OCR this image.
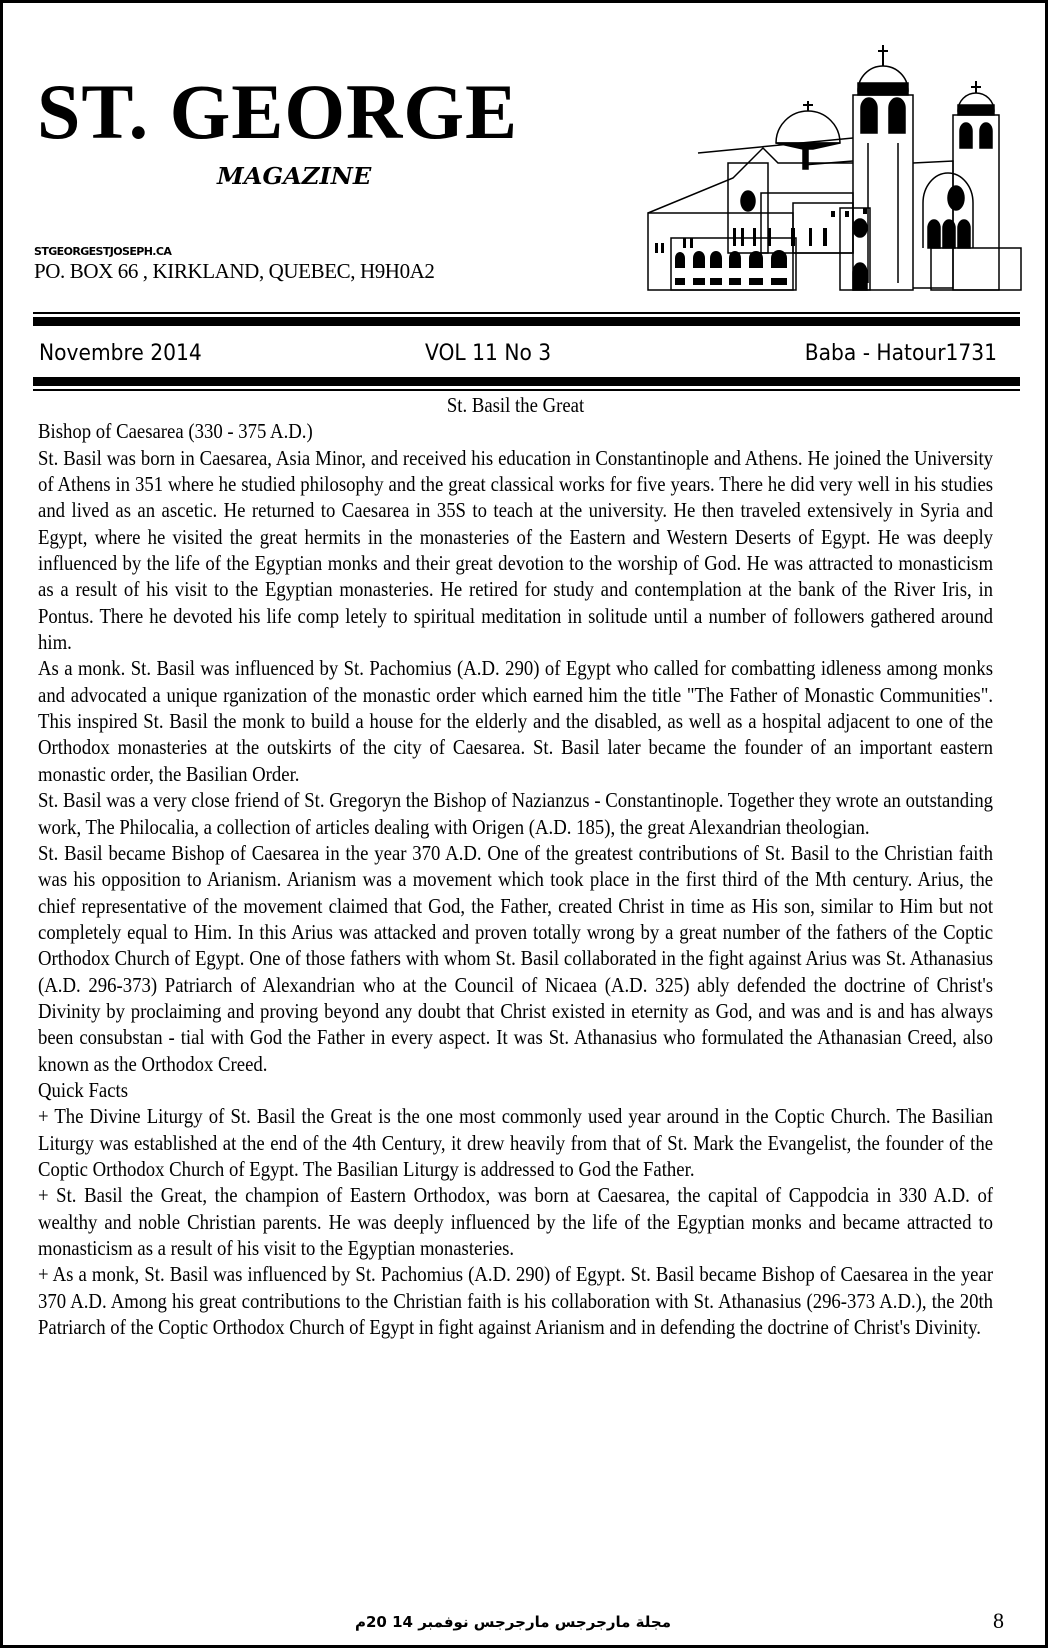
ST. GEORGE
MAGAZINE
STGEORGESTJOSEPH.CA
PO. BOX 66 , KIRKLAND, QUEBEC, H9H0A2
Novembre 2014	VOL 11 No 3	Baba - Hatour1731
St. Basil the Great

Bishop of Caesarea (330 - 375 A.D.)

St. Basil was born in Caesarea, Asia Minor, and received his education in Constantinople and Athens. He joined the University of Athens in 351 where he studied philosophy and the great classical works for five years. There he did very well in his studies and lived as an ascetic. He returned to Caesarea in 35S to teach at the university. He then traveled extensively in Syria and Egypt, where he visited the great hermits in the monasteries of the Eastern and Western Deserts of Egypt. He was deeply influenced by the life of the Egyptian monks and their great devotion to the worship of God. He was attracted to monasticism as a result of his visit to the Egyptian monasteries. He retired for study and contemplation at the bank of the River Iris, in Pontus. There he devoted his life comp letely to spiritual meditation in solitude until a number of followers gathered around him.

As a monk. St. Basil was influenced by St. Pachomius (A.D. 290) of Egypt who called for combatting idleness among monks and advocated a unique rganization of the monastic order which earned him the title "The Father of Monastic Communities". This inspired St. Basil the monk to build a house for the elderly and the disabled, as well as a hospital adjacent to one of the Orthodox monasteries at the outskirts of the city of Caesarea. St. Basil later became the founder of an important eastern monastic order, the Basilian Order.

St. Basil was a very close friend of St. Gregoryn the Bishop of Nazianzus - Constantinople. Together they wrote an outstanding work, The Philocalia, a collection of articles dealing with Origen (A.D. 185), the great Alexandrian theologian.

St. Basil became Bishop of Caesarea in the year 370 A.D. One of the greatest contributions of St. Basil to the Christian faith was his opposition to Arianism. Arianism was a movement which took place in the first third of the Mth century. Arius, the chief representative of the movement claimed that God, the Father, created Christ in time as His son, similar to Him but not completely equal to Him. In this Arius was attacked and proven totally wrong by a great number of the fathers of the Coptic Orthodox Church of Egypt. One of those fathers with whom St. Basil collaborated in the fight against Arius was St. Athanasius (A.D. 296-373) Patriarch of Alexandrian who at the Council of Nicaea (A.D. 325) ably defended the doctrine of Christ's Divinity by proclaiming and proving beyond any doubt that Christ existed in eternity as God, and was and is and has always been consubstan - tial with God the Father in every aspect. It was St. Athanasius who formulated the Athanasian Creed, also known as the Orthodox Creed.

Quick Facts

+ The Divine Liturgy of St. Basil the Great is the one most commonly used year around in the Coptic Church. The Basilian Liturgy was established at the end of the 4th Century, it drew heavily from that of St. Mark the Evangelist, the founder of the Coptic Orthodox Church of Egypt. The Basilian Liturgy is addressed to God the Father.

+ St. Basil the Great, the champion of Eastern Orthodox, was born at Caesarea, the capital of Cappodcia in 330 A.D. of wealthy and noble Christian parents. He was deeply influenced by the life of the Egyptian monks and became attracted to monasticism as a result of his visit to the Egyptian monasteries.

+ As a monk, St. Basil was influenced by St. Pachomius (A.D. 290) of Egypt. St. Basil became Bishop of Caesarea in the year 370 A.D. Among his great contributions to the Christian faith is his collaboration with St. Athanasius (296-373 A.D.), the 20th Patriarch of the Coptic Orthodox Church of Egypt in fight against Arianism and in defending the doctrine of Christ's Divinity.

مجلة مارجرجس مارجرجس نوفمبر 14 20م	8
